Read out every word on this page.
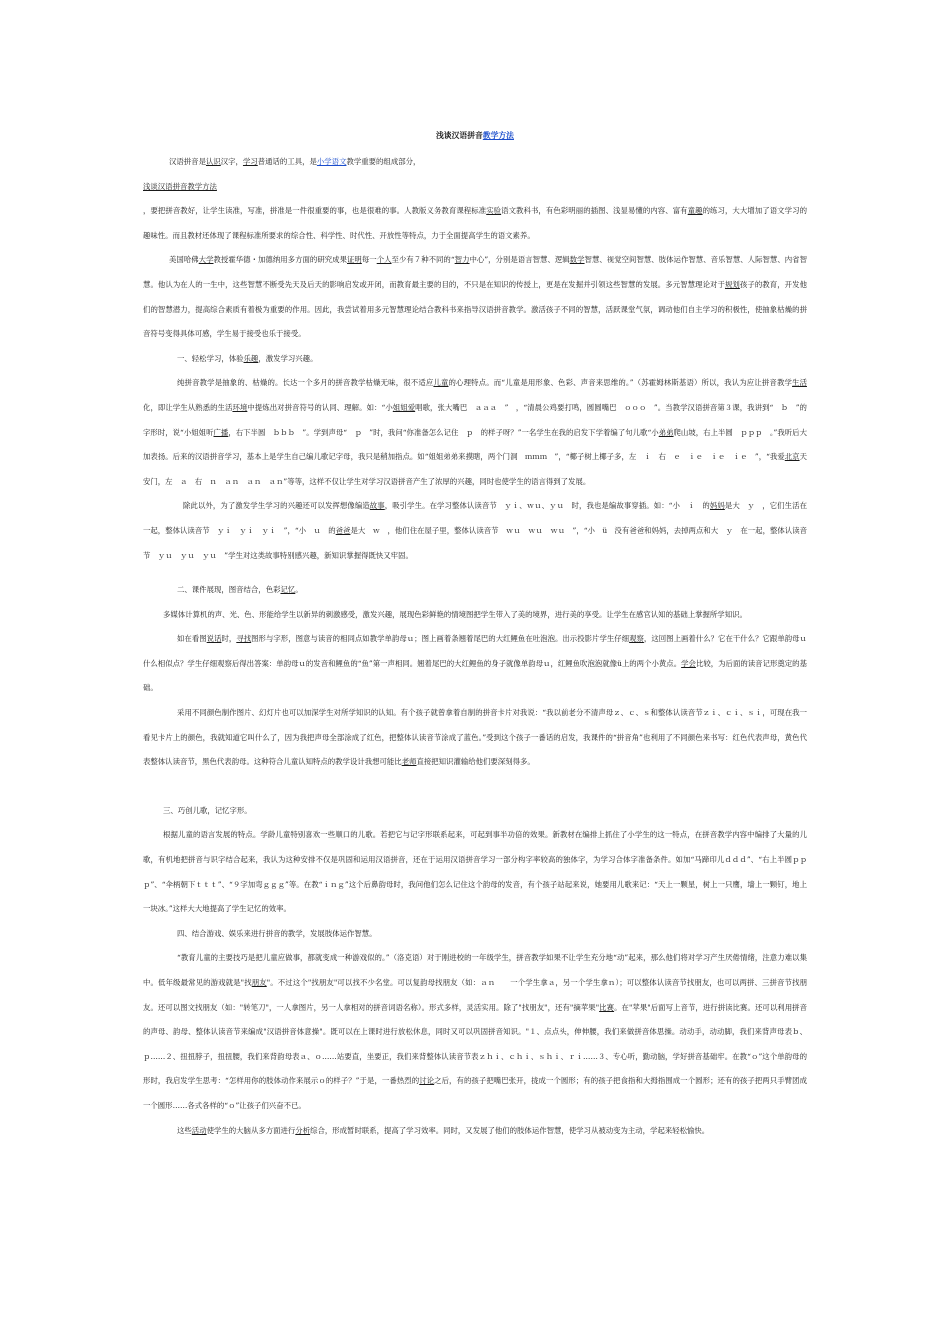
浅谈汉语拼音教学方法

汉语拼音是认识汉字，学习普通话的工具，是小学语文教学重要的组成部分，

浅谈汉语拼音教学方法

，要把拼音教好，让学生读准，写准，拼准是一件很重要的事，也是很难的事。人教版义务教育课程标准实验语文教科书，有色彩明丽的插图、浅显易懂的内容、富有童趣的练习，大大增加了语文学习的趣味性。而且教材还体现了课程标准所要求的综合性、科学性、时代性、开放性等特点，力于全面提高学生的语文素养。

美国哈佛大学教授霍华德・加德纳用多方面的研究成果证明每一个人至少有７种不同的“智力中心”，分别是语言智慧、逻辑数学智慧、视觉空间智慧、肢体运作智慧、音乐智慧、人际智慧、内省智慧。他认为在人的一生中，这些智慧不断受先天及后天的影响启发或开闭，而教育最主要的目的，不只是在知识的传授上，更是在发掘并引领这些智慧的发展。多元智慧理论对于规划孩子的教育，开发他们的智慧潜力，提高综合素质有着极为重要的作用。因此，我尝试着用多元智慧理论结合教科书来指导汉语拼音教学。激活孩子不同的智慧，活跃课堂气氛，调动他们自主学习的积极性，使抽象枯燥的拼音符号变得具体可感，学生易于接受也乐于接受。

一、轻松学习，体验乐趣，激发学习兴趣。

纯拼音教学是抽象的、枯燥的。长达一个多月的拼音教学枯燥无味，很不适应儿童的心理特点。而“儿童是用形象、色彩、声音来思维的。”（苏霍姆林斯基语）所以，我认为应让拼音教学生活化，即让学生从熟悉的生活环境中提炼出对拼音符号的认同、理解。如：“小姐姐爱唱歌，张大嘴巴　ａａａ　”　，“清晨公鸡要打鸣，圆圆嘴巴　ｏｏｏ　”。当教学汉语拼音第３课，我讲到“　ｂ　”的字形时，说“小姐姐听广播，右下半圆　ｂｂｂ　”。学到声母“　ｐ　”时，我问“你准备怎么记住　ｐ　的样子呀？”一名学生在我的启发下学着编了句儿歌“小弟弟爬山坡，右上半圆　ｐｐｐ　。”我听后大加表扬。后来的汉语拼音学习，基本上是学生自己编儿歌记字母，我只是稍加指点。如“姐姐弟弟来摸瞎，两个门洞　ｍｍｍ　”，“椰子树上椰子多，左　ｉ　右　ｅ　ｉｅ　ｉｅ　ｉｅ　”，“我爱北京天安门，左　ａ　右　ｎ　ａｎ　ａｎ　ａｎ”等等，这样不仅让学生对学习汉语拼音产生了浓厚的兴趣，同时也使学生的语言得到了发展。

除此以外，为了激发学生学习的兴趣还可以发挥想像编造故事，吸引学生。在学习整体认读音节　ｙｉ、ｗｕ、ｙｕ　时，我也是编故事穿插。如：“小　ｉ　的妈妈是大　ｙ　，它们生活在一起，整体认读音节　ｙｉ　ｙｉ　ｙｉ　”，“小　ｕ　的爸爸是大　ｗ　，他们住在屋子里，整体认读音节　ｗｕ　ｗｕ　ｗｕ　”，“小　ü　没有爸爸和妈妈，去掉两点和大　ｙ　在一起，整体认读音节　ｙｕ　ｙｕ　ｙｕ　”学生对这类故事特别感兴趣，新知识掌握得既快又牢固。

二、课件展现，图音结合，色彩记忆。

多媒体计算机的声、光、色、形能给学生以新异的刺激感受，激发兴趣，展现色彩鲜艳的情境图把学生带入了美的境界，进行美的享受。让学生在感官认知的基础上掌握所学知识。

如在看图说话时，寻找图形与字形，图意与读音的相同点如教学单韵母ｕ；图上画着条翘着尾巴的大红鲤鱼在吐泡泡。出示投影片学生仔细观察，这回图上画着什么？它在干什么？它跟单韵母ｕ什么相似点？学生仔细观察后得出答案：单韵母ｕ的发音和鲤鱼的“鱼”第一声相同。翘着尾巴的大红鲤鱼的身子就像单韵母ｕ，红鲤鱼吹泡泡就像ü上的两个小黄点。学会比较，为后面的读音记形奠定的基础。

采用不同颜色制作图片、幻灯片也可以加深学生对所学知识的认知。有个孩子就曾拿着自制的拼音卡片对我说：“我以前老分不清声母ｚ、ｃ、ｓ和整体认读音节ｚｉ、ｃｉ、ｓｉ，可现在我一看见卡片上的颜色，我就知道它叫什么了，因为我把声母全部涂成了红色，把整体认读音节涂成了蓝色。”受到这个孩子一番话的启发，我课件的“拼音角”也利用了不同颜色来书写：红色代表声母，黄色代表整体认读音节，黑色代表韵母。这种符合儿童认知特点的教学设计我想可能比老师直接把知识灌输给他们要深刻得多。

三、巧创儿歌，记忆字形。

根据儿童的语言发展的特点。学龄儿童特别喜欢一些顺口的儿歌。若把它与记字形联系起来，可起到事半功倍的效果。新教材在编排上抓住了小学生的这一特点，在拼音教学内容中编排了大量的儿歌，有机地把拼音与识字结合起来，我认为这种安排不仅是巩固和运用汉语拼音，还在于运用汉语拼音学习一部分构字率较高的独体字，为学习合体字准备条件。如加“马蹄印儿ｄｄｄ”、“右上半圆ｐｐｐ”、“伞柄朝下ｔｔｔ”、“９字加弯ｇｇｇ”等。在教“ｉｎｇ”这个后鼻韵母时，我问他们怎么记住这个韵母的发音，有个孩子站起来说，她要用儿歌来记：“天上一颗星，树上一只鹰，墙上一颗钉，地上一块冰。”这样大大地提高了学生记忆的效率。

四、结合游戏、娱乐来进行拼音的教学，发展肢体运作智慧。

“教育儿童的主要技巧是把儿童应做事，都就变成一种游戏似的。”（洛克语）对于刚进校的一年级学生，拼音教学如果不让学生充分地“动”起来，那么他们将对学习产生厌倦情绪，注意力难以集中。低年级最常见的游戏就是"找朋友"。不过这个"找朋友"可以找不少名堂。可以复韵母找朋友（如：ａｎ　　一个学生拿ａ，另一个学生拿ｎ）；可以整体认读音节找朋友，也可以两拼、三拼音节找朋友。还可以图文找朋友（如："转笔刀"，一人拿图片，另一人拿相对的拼音词语名称）。形式多样，灵活实用。除了"找朋友"，还有"摘苹果"比赛。在"苹果"后面写上音节，进行拼读比赛。还可以利用拼音的声母、韵母、整体认读音节来编成"汉语拼音体意操"。既可以在上课时进行放松休息，同时又可以巩固拼音知识。"１、点点头，伸伸腰，我们来做拼音体思操。动动手，动动脚，我们来背声母表ｂ、ｐ……２、扭扭脖子，扭扭腰，我们来背韵母表ａ、ｏ……站要直，坐要正，我们来背整体认读音节表ｚｈｉ、ｃｈｉ、ｓｈｉ、ｒｉ……３、专心听，勤动脑，学好拼音基础牢。在教“ｏ”这个单韵母的形时，我启发学生思考：“怎样用你的肢体动作来展示ｏ的样子？”于是，一番热烈的讨论之后，有的孩子把嘴巴张开，拢成一个圆形；有的孩子把食指和大拇指围成一个圆形；还有的孩子把两只手臂团成一个圆形……各式各样的“ｏ”让孩子们兴奋不已。

这些活动使学生的大脑从多方面进行分析综合，形成暂时联系，提高了学习效率。同时，又发展了他们的肢体运作智慧，使学习从被动变为主动，学起来轻松愉快。
